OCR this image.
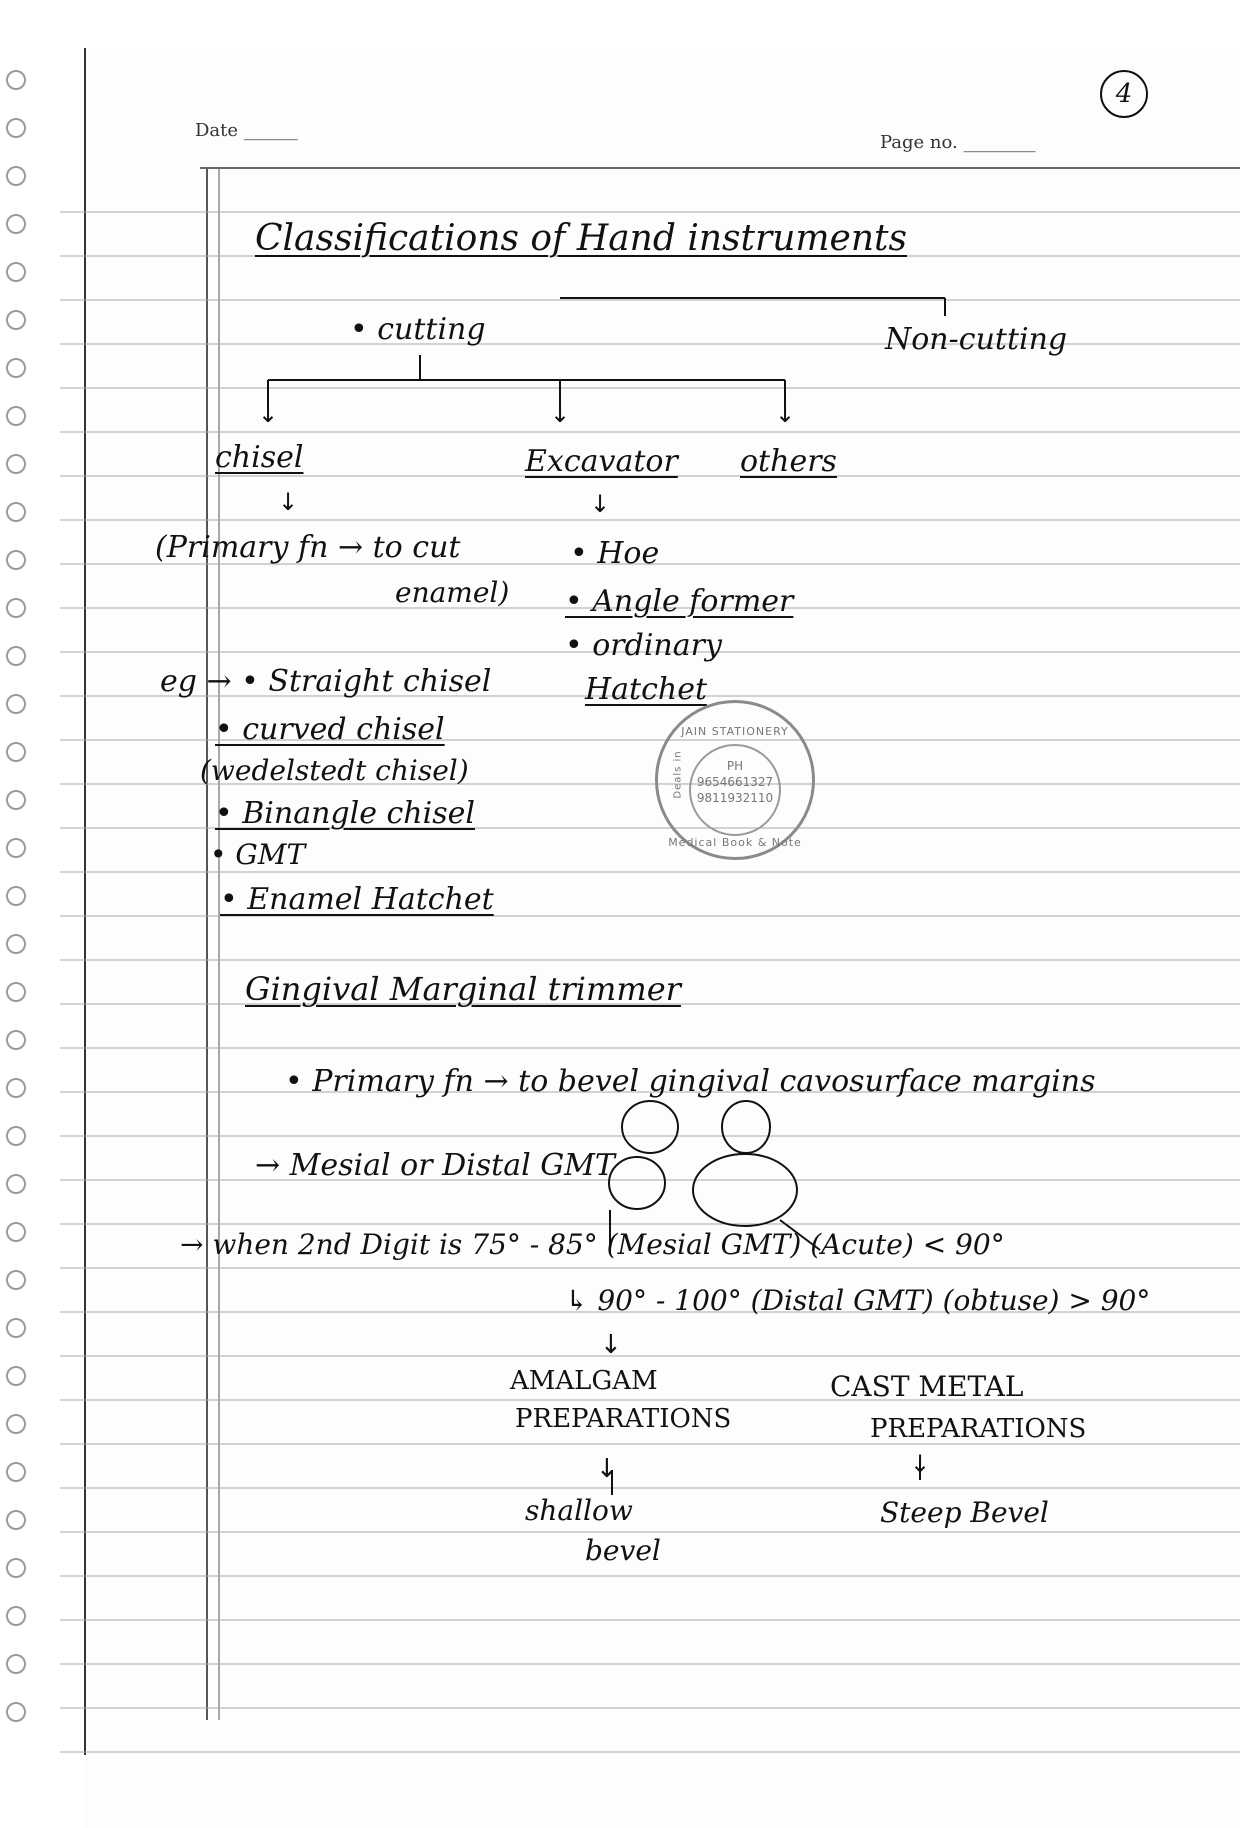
Date ______
Page no. ________
4
Classifications of Hand instruments
• cutting	Non-cutting
↓	↓	↓
chisel	Excavator others
↓	↓
(Primary fn → to cut
enamel)
• Hoe
• Angle former
• ordinary
Hatchet
eg → • Straight chisel
• curved chisel
(wedelstedt chisel)
• Binangle chisel
• GMT
• Enamel Hatchet
JAIN STATIONERY
PH
9654661327
9811932110
Medical Book & Note
Deals in
Gingival Marginal trimmer
• Primary fn → to bevel gingival cavosurface margins
→ Mesial or Distal GMT
→ when 2nd Digit is 75° - 85° (Mesial GMT) (Acute) < 90°
↳ 90° - 100° (Distal GMT) (obtuse) > 90°
↓
AMALGAM
PREPARATIONS
↓
shallow
bevel
CAST METAL
PREPARATIONS
↓
Steep Bevel
